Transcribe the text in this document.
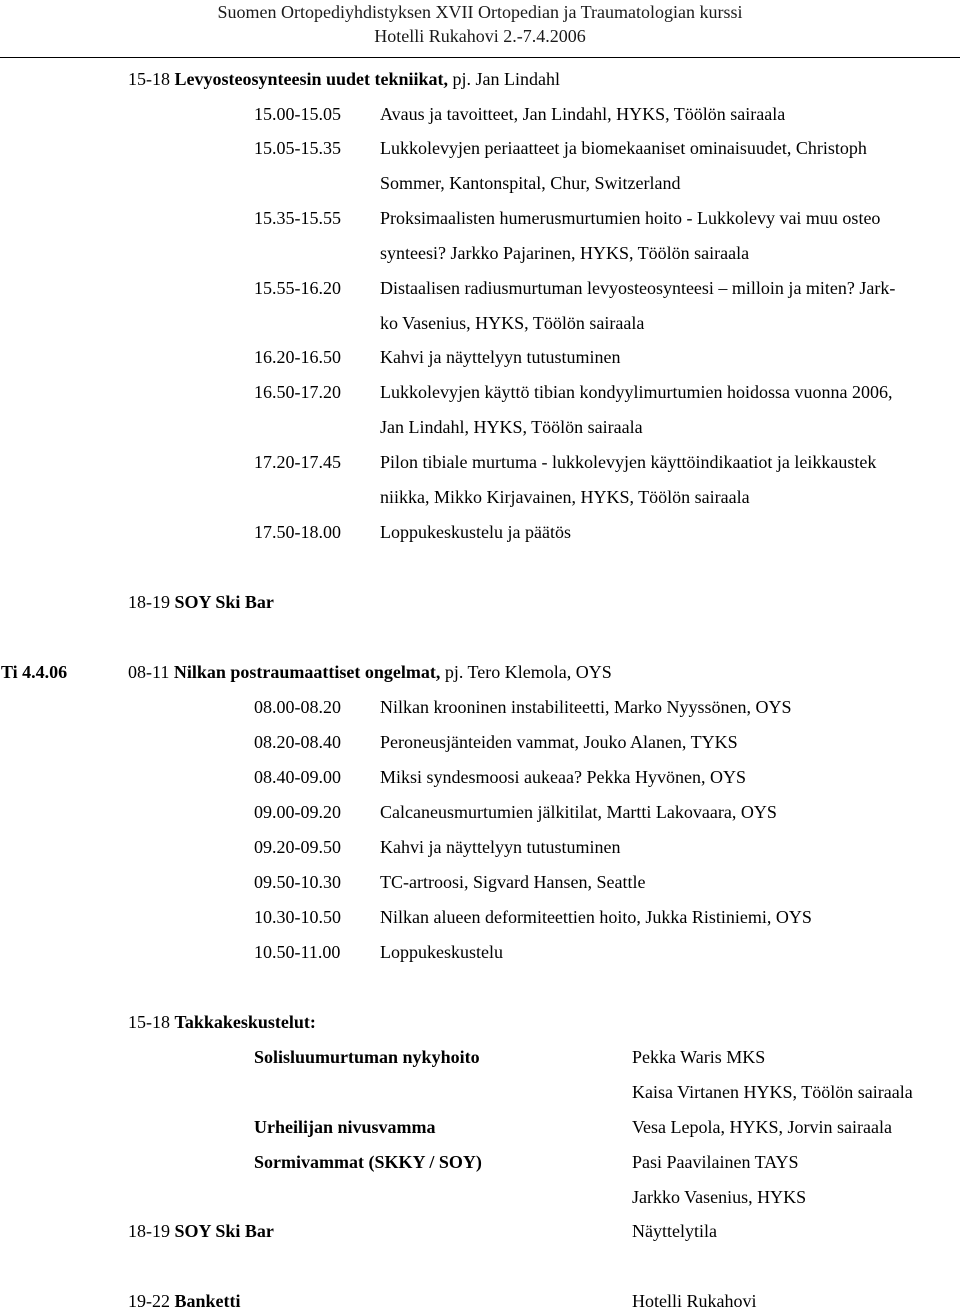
Suomen Ortopediyhdistyksen XVII Ortopedian ja Traumatologian kurssi
Hotelli Rukahovi 2.-7.4.2006
15-18 Levyosteosynteesin uudet tekniikat, pj. Jan Lindahl
15.00-15.05 Avaus ja tavoitteet, Jan Lindahl, HYKS, Töölön sairaala
15.05-15.35 Lukkolevyjen periaatteet ja biomekaaniset ominaisuudet, Christoph
Sommer, Kantonspital, Chur, Switzerland
15.35-15.55 Proksimaalisten humerusmurtumien hoito - Lukkolevy vai muu osteo
synteesi? Jarkko Pajarinen, HYKS, Töölön sairaala
15.55-16.20 Distaalisen radiusmurtuman levyosteosynteesi – milloin ja miten? Jark-
ko Vasenius, HYKS, Töölön sairaala
16.20-16.50 Kahvi ja näyttelyyn tutustuminen
16.50-17.20 Lukkolevyjen käyttö tibian kondyylimurtumien hoidossa vuonna 2006,
Jan Lindahl, HYKS, Töölön sairaala
17.20-17.45 Pilon tibiale murtuma - lukkolevyjen käyttöindikaatiot ja leikkaustek
niikka, Mikko Kirjavainen, HYKS, Töölön sairaala
17.50-18.00 Loppukeskustelu ja päätös
18-19 SOY Ski Bar
Ti 4.4.06	08-11 Nilkan postraumaattiset ongelmat, pj. Tero Klemola, OYS
08.00-08.20 Nilkan krooninen instabiliteetti, Marko Nyyssönen, OYS
08.20-08.40 Peroneusjänteiden vammat, Jouko Alanen, TYKS
08.40-09.00 Miksi syndesmoosi aukeaa? Pekka Hyvönen, OYS
09.00-09.20 Calcaneusmurtumien jälkitilat, Martti Lakovaara, OYS
09.20-09.50 Kahvi ja näyttelyyn tutustuminen
09.50-10.30 TC-artroosi, Sigvard Hansen, Seattle
10.30-10.50 Nilkan alueen deformiteettien hoito, Jukka Ristiniemi, OYS
10.50-11.00 Loppukeskustelu
15-18 Takkakeskustelut:
Solisluumurtuman nykyhoito	Pekka Waris MKS
Kaisa Virtanen HYKS, Töölön sairaala
Urheilijan nivusvamma	Vesa Lepola, HYKS, Jorvin sairaala
Sormivammat (SKKY / SOY)	Pasi Paavilainen TAYS
Jarkko Vasenius, HYKS
18-19 SOY Ski Bar	Näyttelytila
19-22 Banketti	Hotelli Rukahovi
